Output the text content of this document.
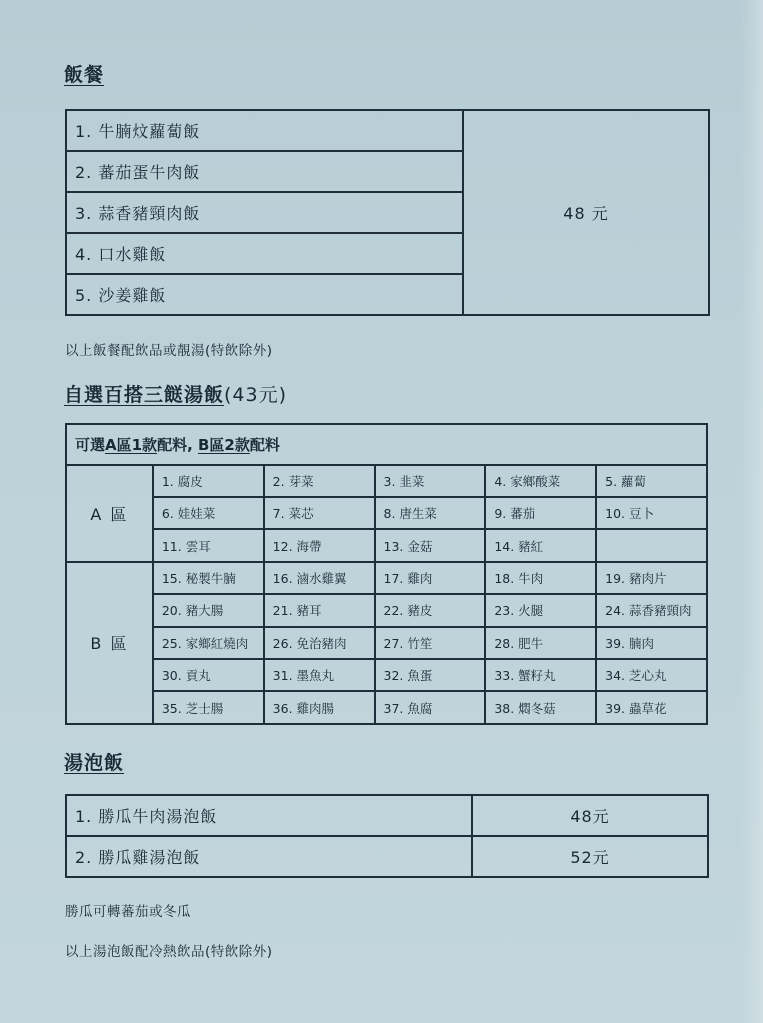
飯餐
1. 牛腩炆蘿蔔飯	48 元
2. 蕃茄蛋牛肉飯
3. 蒜香豬頸肉飯
4. 口水雞飯
5. 沙姜雞飯
以上飯餐配飲品或靚湯(特飲除外)
自選百搭三餸湯飯(43元)
可選A區1款配料, B區2款配料					
A 區	1. 腐皮	2. 芽菜	3. 韭菜	4. 家鄉酸菜	5. 蘿蔔
	6. 娃娃菜	7. 菜芯	8. 唐生菜	9. 蕃茄	10. 豆卜
	11. 雲耳	12. 海帶	13. 金菇	14. 豬紅	
B 區	15. 秘製牛腩	16. 滷水雞翼	17. 雞肉	18. 牛肉	19. 豬肉片
	20. 豬大腸	21. 豬耳	22. 豬皮	23. 火腿	24. 蒜香豬頸肉
	25. 家鄉紅燒肉	26. 免治豬肉	27. 竹笙	28. 肥牛	39. 腩肉
	30. 貢丸	31. 墨魚丸	32. 魚蛋	33. 蟹籽丸	34. 芝心丸
	35. 芝士腸	36. 雞肉腸	37. 魚腐	38. 燜冬菇	39. 蟲草花
湯泡飯
1. 勝瓜牛肉湯泡飯	48元
2. 勝瓜雞湯泡飯	52元
勝瓜可轉蕃茄或冬瓜
以上湯泡飯配冷熱飲品(特飲除外)
